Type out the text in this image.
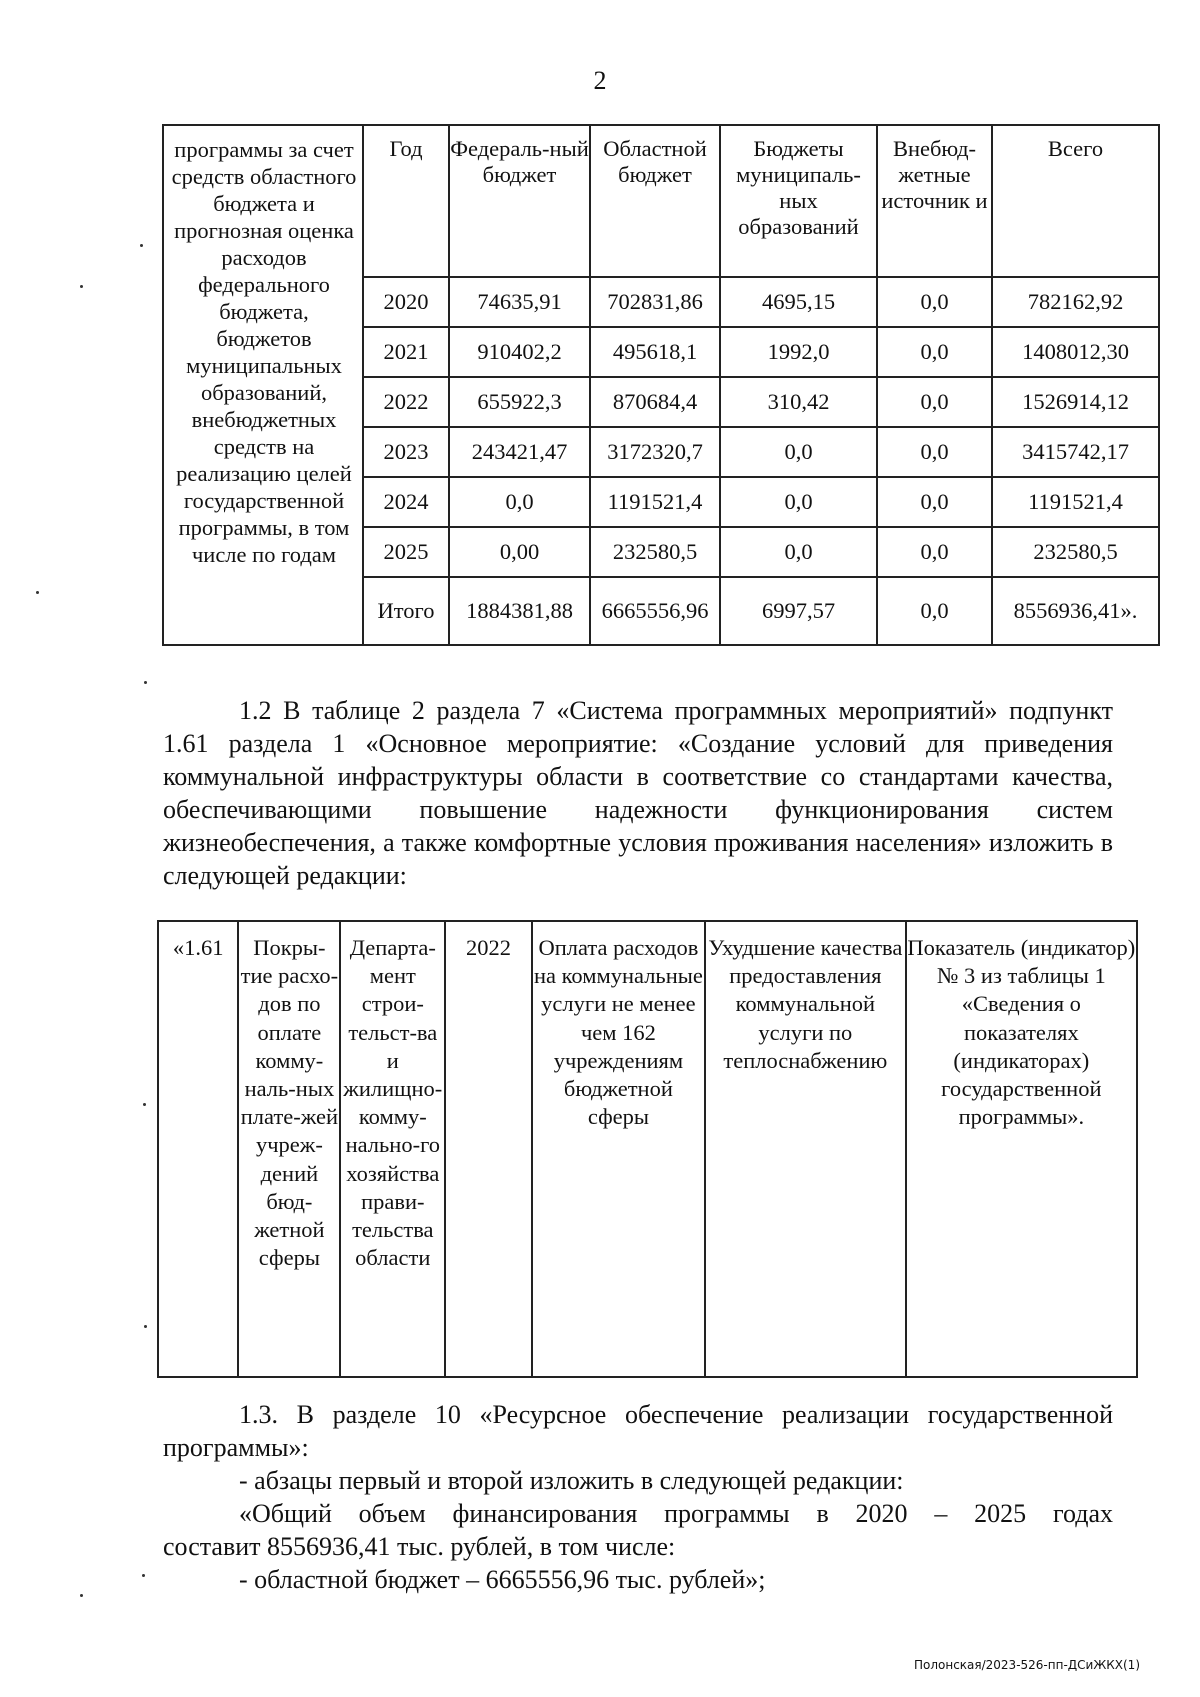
2
программы за счет средств областного бюджета и прогнозная оценка расходов федерального бюджета, бюджетов муниципальных образований, внебюджетных средств на реализацию целей государственной программы, в том числе по годам	Год	Федераль-ный бюджет	Областной бюджет	Бюджеты муниципаль-ных образований	Внебюд-жетные источник и	Всего
	2020	74635,91	702831,86	4695,15	0,0	782162,92
	2021	910402,2	495618,1	1992,0	0,0	1408012,30
	2022	655922,3	870684,4	310,42	0,0	1526914,12
	2023	243421,47	3172320,7	0,0	0,0	3415742,17
	2024	0,0	1191521,4	0,0	0,0	1191521,4
	2025	0,00	232580,5	0,0	0,0	232580,5
	Итого	1884381,88	6665556,96	6997,57	0,0	8556936,41».
1.2 В таблице 2 раздела 7 «Система программных мероприятий» подпункт 1.61 раздела 1 «Основное мероприятие: «Создание условий для приведения коммунальной инфраструктуры области в соответствие со стандартами качества, обеспечивающими повышение надежности функционирования систем жизнеобеспечения, а также комфортные условия проживания населения» изложить в следующей редакции:
«1.61	Покры-тие расхо-дов по оплате комму-наль-ных плате-жей учреж-дений бюд-жетной сферы	Департа-мент строи-тельст-ва и жилищно-комму-нально-го хозяйства прави-тельства области	2022	Оплата расходов на коммунальные услуги не менее чем 162 учреждениям бюджетной сферы	Ухудшение качества предоставления коммунальной услуги по теплоснабжению	Показатель (индикатор) № 3 из таблицы 1 «Сведения о показателях (индикаторах) государственной программы».
1.3. В разделе 10 «Ресурсное обеспечение реализации государственной программы»:
- абзацы первый и второй изложить в следующей редакции:
«Общий объем финансирования программы в 2020 – 2025 годах
составит 8556936,41 тыс. рублей, в том числе:
- областной бюджет – 6665556,96 тыс. рублей»;
Полонская/2023-526-пп-ДСиЖКХ(1)
